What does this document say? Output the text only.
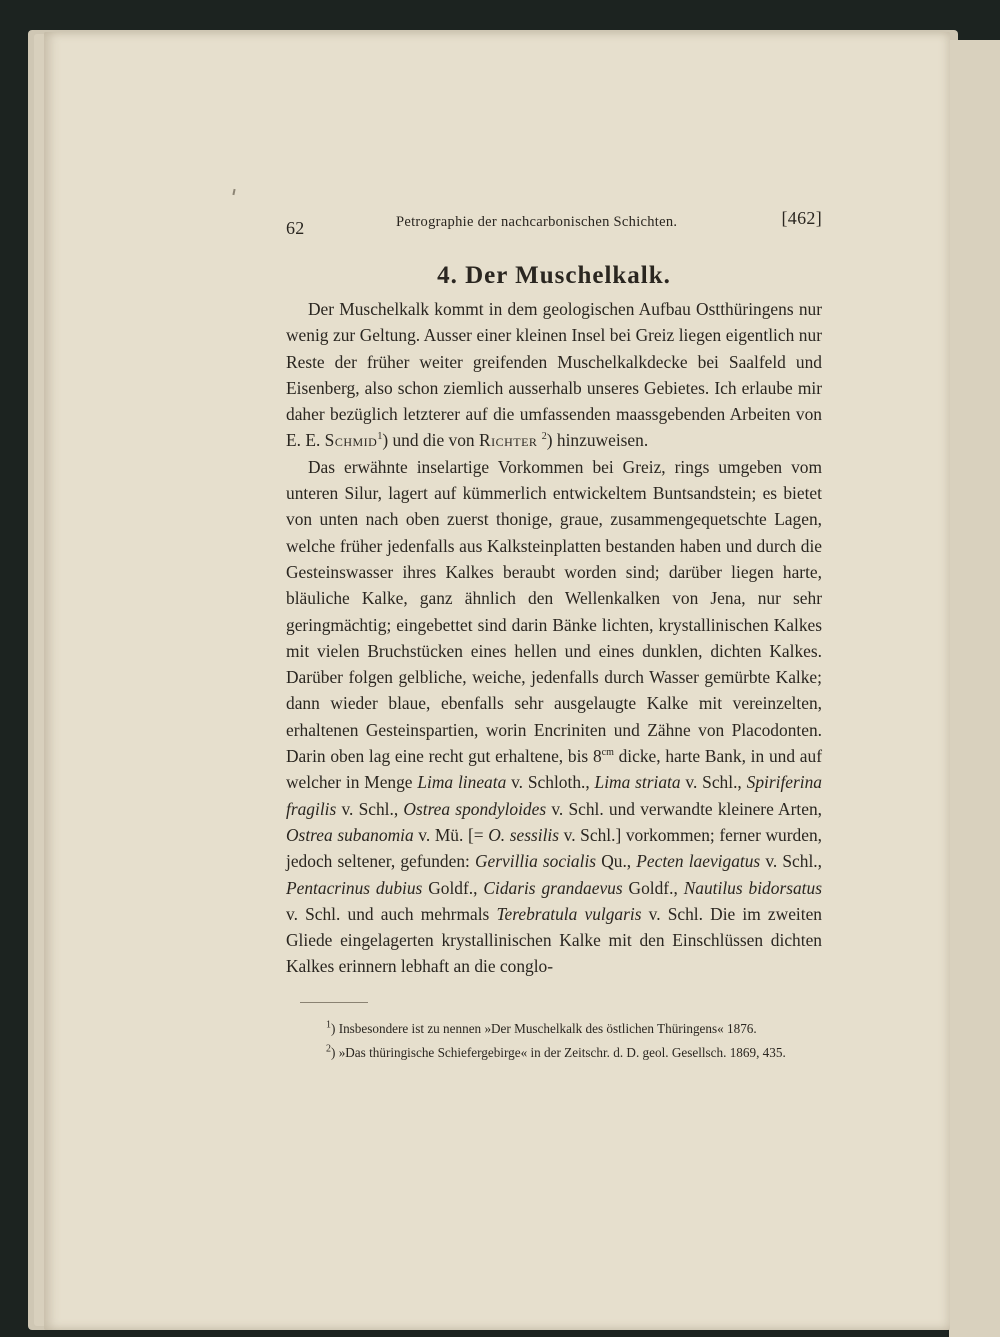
62	Petrographie der nachcarbonischen Schichten.	[462]
4. Der Muschelkalk.

Der Muschelkalk kommt in dem geologischen Aufbau Ostthüringens nur wenig zur Geltung. Ausser einer kleinen Insel bei Greiz liegen eigentlich nur Reste der früher weiter greifenden Muschelkalkdecke bei Saalfeld und Eisenberg, also schon ziemlich ausserhalb unseres Gebietes. Ich erlaube mir daher bezüglich letzterer auf die umfassenden maassgebenden Arbeiten von E. E. Schmid$^1$) und die von Richter $^2$) hinzuweisen.

Das erwähnte inselartige Vorkommen bei Greiz, rings umgeben vom unteren Silur, lagert auf kümmerlich entwickeltem Buntsandstein; es bietet von unten nach oben zuerst thonige, graue, zusammengequetschte Lagen, welche früher jedenfalls aus Kalksteinplatten bestanden haben und durch die Gesteinswasser ihres Kalkes beraubt worden sind; darüber liegen harte, bläuliche Kalke, ganz ähnlich den Wellenkalken von Jena, nur sehr geringmächtig; eingebettet sind darin Bänke lichten, krystallinischen Kalkes mit vielen Bruchstücken eines hellen und eines dunklen, dichten Kalkes. Darüber folgen gelbliche, weiche, jedenfalls durch Wasser gemürbte Kalke; dann wieder blaue, ebenfalls sehr ausgelaugte Kalke mit vereinzelten, erhaltenen Gesteinspartien, worin Encriniten und Zähne von Placodonten. Darin oben lag eine recht gut erhaltene, bis $8^{cm}$ dicke, harte Bank, in und auf welcher in Menge Lima lineata v. Schloth., Lima striata v. Schl., Spiriferina fragilis v. Schl., Ostrea spondyloides v. Schl. und verwandte kleinere Arten, Ostrea subanomia v. Mü. [= O. sessilis v. Schl.] vorkommen; ferner wurden, jedoch seltener, gefunden: Gervillia socialis Qu., Pecten laevigatus v. Schl., Pentacrinus dubius Goldf., Cidaris grandaevus Goldf., Nautilus bidorsatus v. Schl. und auch mehrmals Terebratula vulgaris v. Schl. Die im zweiten Gliede eingelagerten krystallinischen Kalke mit den Einschlüssen dichten Kalkes erinnern lebhaft an die conglo-

$^1$) Insbesondere ist zu nennen »Der Muschelkalk des östlichen Thüringens« 1876.

$^2$) »Das thüringische Schiefergebirge« in der Zeitschr. d. D. geol. Gesellsch. 1869, 435.
